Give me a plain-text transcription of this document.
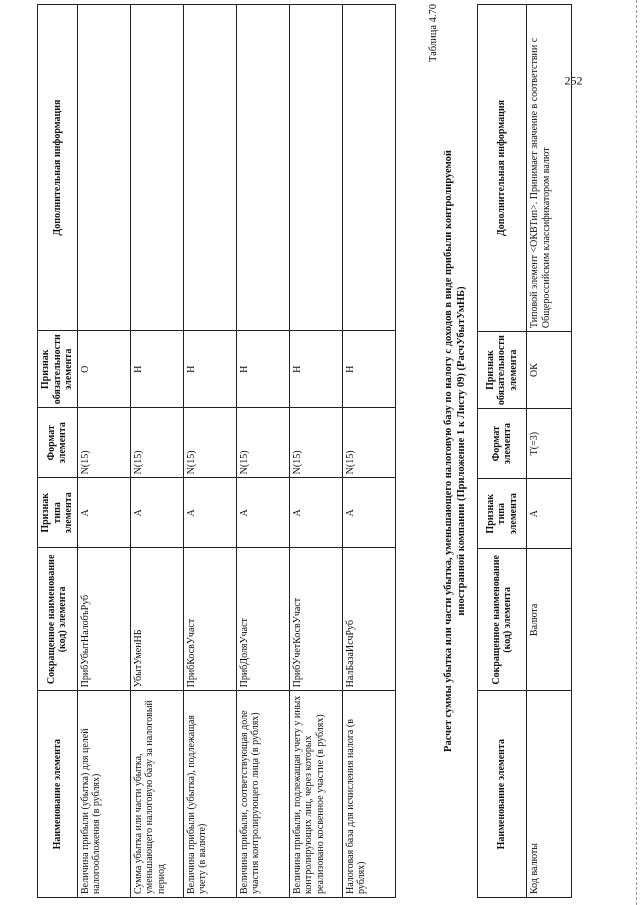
252
Наименование элемента	Сокращенное наименование (код) элемента	Признак типа элемента	Формат элемента	Признак обязательности элемента	Дополнительная информация
Величина прибыли (убытка) для целей налогообложения (в рублях)	ПрибУбытНалобъРуб	А	N(15)	О	
Сумма убытка или части убытка, уменьшающего налоговую базу за налоговый период	УбытУменНБ	А	N(15)	Н	
Величина прибыли (убытка), подлежащая учету (в валюте)	ПрибКосвУчаст	А	N(15)	Н	
Величина прибыли, соответствующая доле участия контролирующего лица (в рублях)	ПрибДоляУчаст	А	N(15)	Н	
Величина прибыли, подлежащая учету у иных контролирующих лиц, через которых реализовано косвенное участие (в рублях)	ПрибУчетКосвУчаст	А	N(15)	Н	
Налоговая база для исчисления налога (в рублях)	НалБазаИсчРуб	А	N(15)	Н	
Таблица 4.70
Расчет суммы убытка или части убытка, уменьшающего налоговую базу по налогу с доходов в виде прибыли контролируемой иностранной компании (Приложение 1 к Листу 09) (РасчУбытУмНБ)
Наименование элемента	Сокращенное наименование (код) элемента	Признак типа элемента	Формат элемента	Признак обязательности элемента	Дополнительная информация
Код валюты	Валюта	А	T(=3)	ОК	Типовой элемент <ОКВТип>. Принимает значение в соответствии с Общероссийским классификатором валют
